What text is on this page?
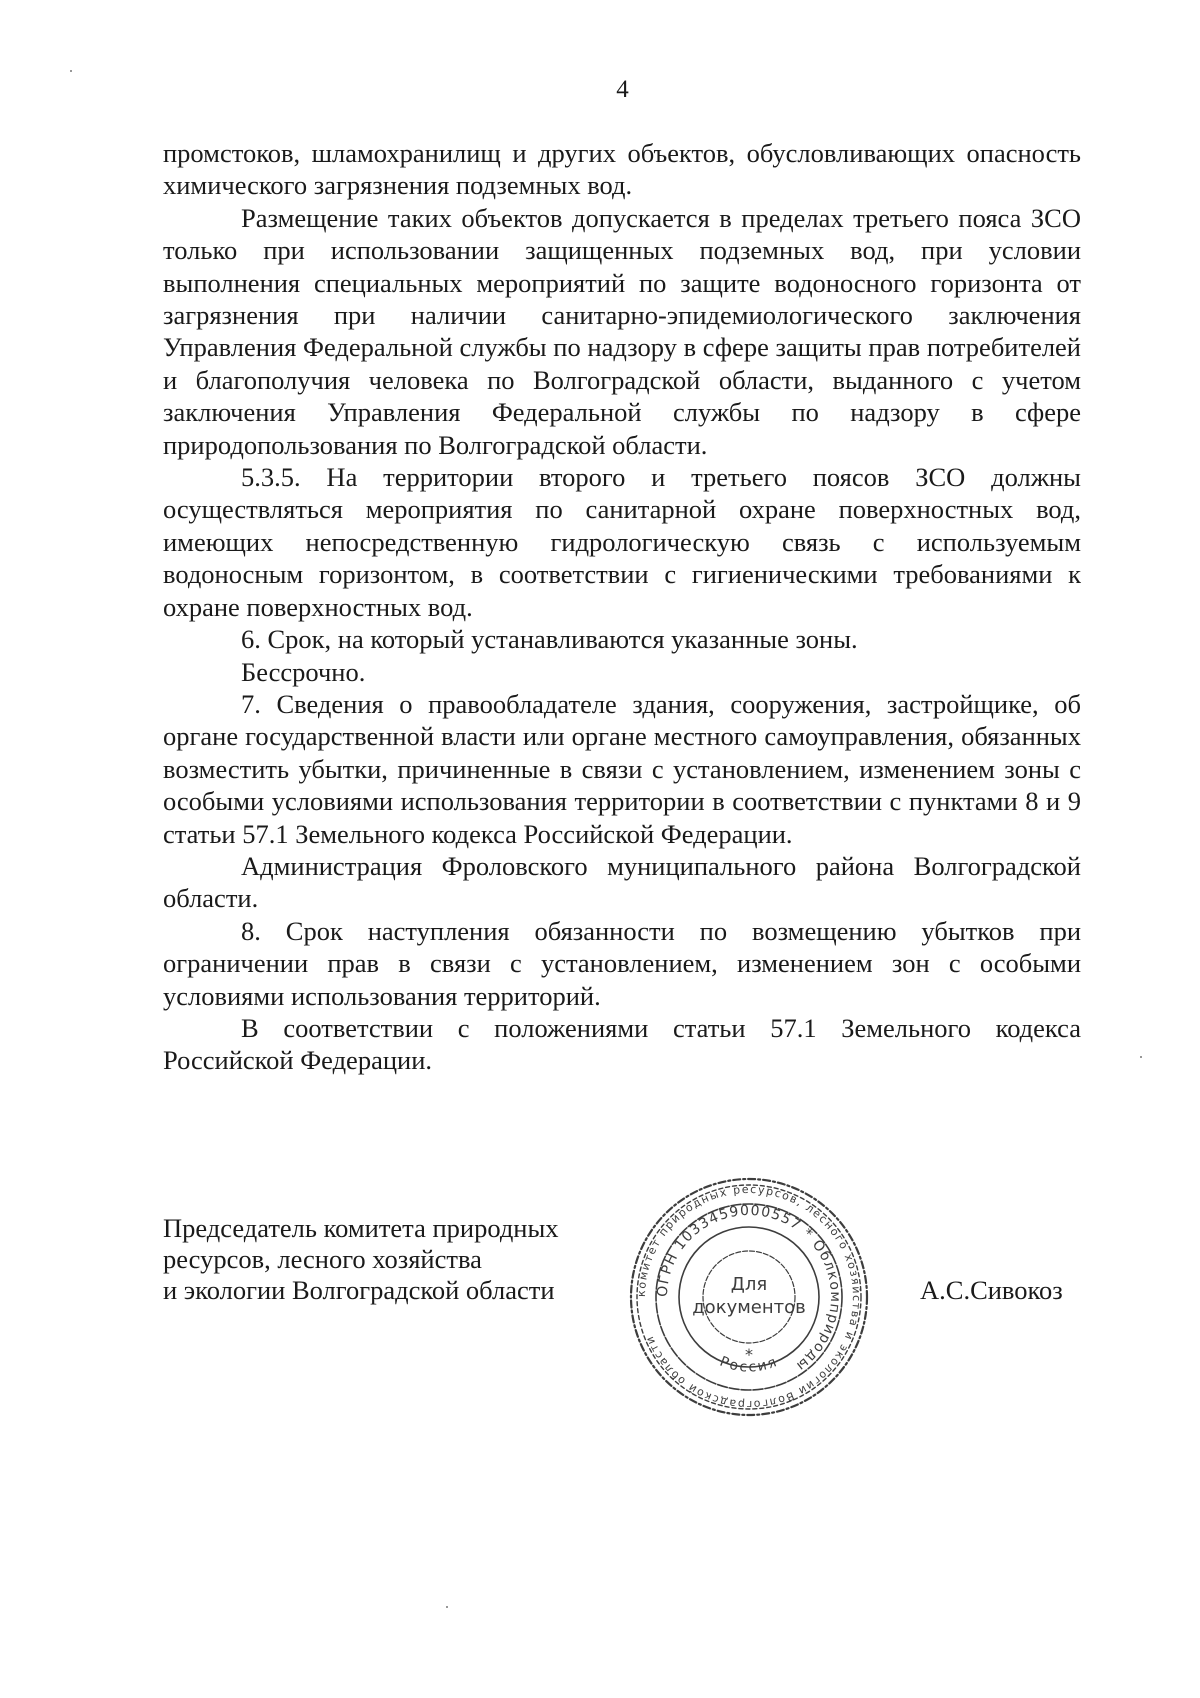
4

промстоков, шламохранилищ и других объектов, обусловливающих опасность химического загрязнения подземных вод.

Размещение таких объектов допускается в пределах третьего пояса ЗСО только при использовании защищенных подземных вод, при условии выполнения специальных мероприятий по защите водоносного горизонта от загрязнения при наличии санитарно-эпидемиологического заключения Управления Федеральной службы по надзору в сфере защиты прав потребителей и благополучия человека по Волгоградской области, выданного с учетом заключения Управления Федеральной службы по надзору в сфере природопользования по Волгоградской области.

5.3.5. На территории второго и третьего поясов ЗСО должны осуществляться мероприятия по санитарной охране поверхностных вод, имеющих непосредственную гидрологическую связь с используемым водоносным горизонтом, в соответствии с гигиеническими требованиями к охране поверхностных вод.

6. Срок, на который устанавливаются указанные зоны.

Бессрочно.

7. Сведения о правообладателе здания, сооружения, застройщике, об органе государственной власти или органе местного самоуправления, обязанных возместить убытки, причиненные в связи с установлением, изменением зоны с особыми условиями использования территории в соответствии с пунктами 8 и 9 статьи 57.1 Земельного кодекса Российской Федерации.

Администрация Фроловского муниципального района Волгоградской области.

8. Срок наступления обязанности по возмещению убытков при ограничении прав в связи с установлением, изменением зон с особыми условиями использования территорий.

В соответствии с положениями статьи 57.1 Земельного кодекса Российской Федерации.

Председатель комитета природных
ресурсов, лесного хозяйства
и экологии Волгоградской области	комитет природных ресурсов, лесного хозяйства и экологии Волгоградской области
ОГРН 1033459000557 * Облкомприроды
Россия
Для
документов
*
А.С.Сивокоз
